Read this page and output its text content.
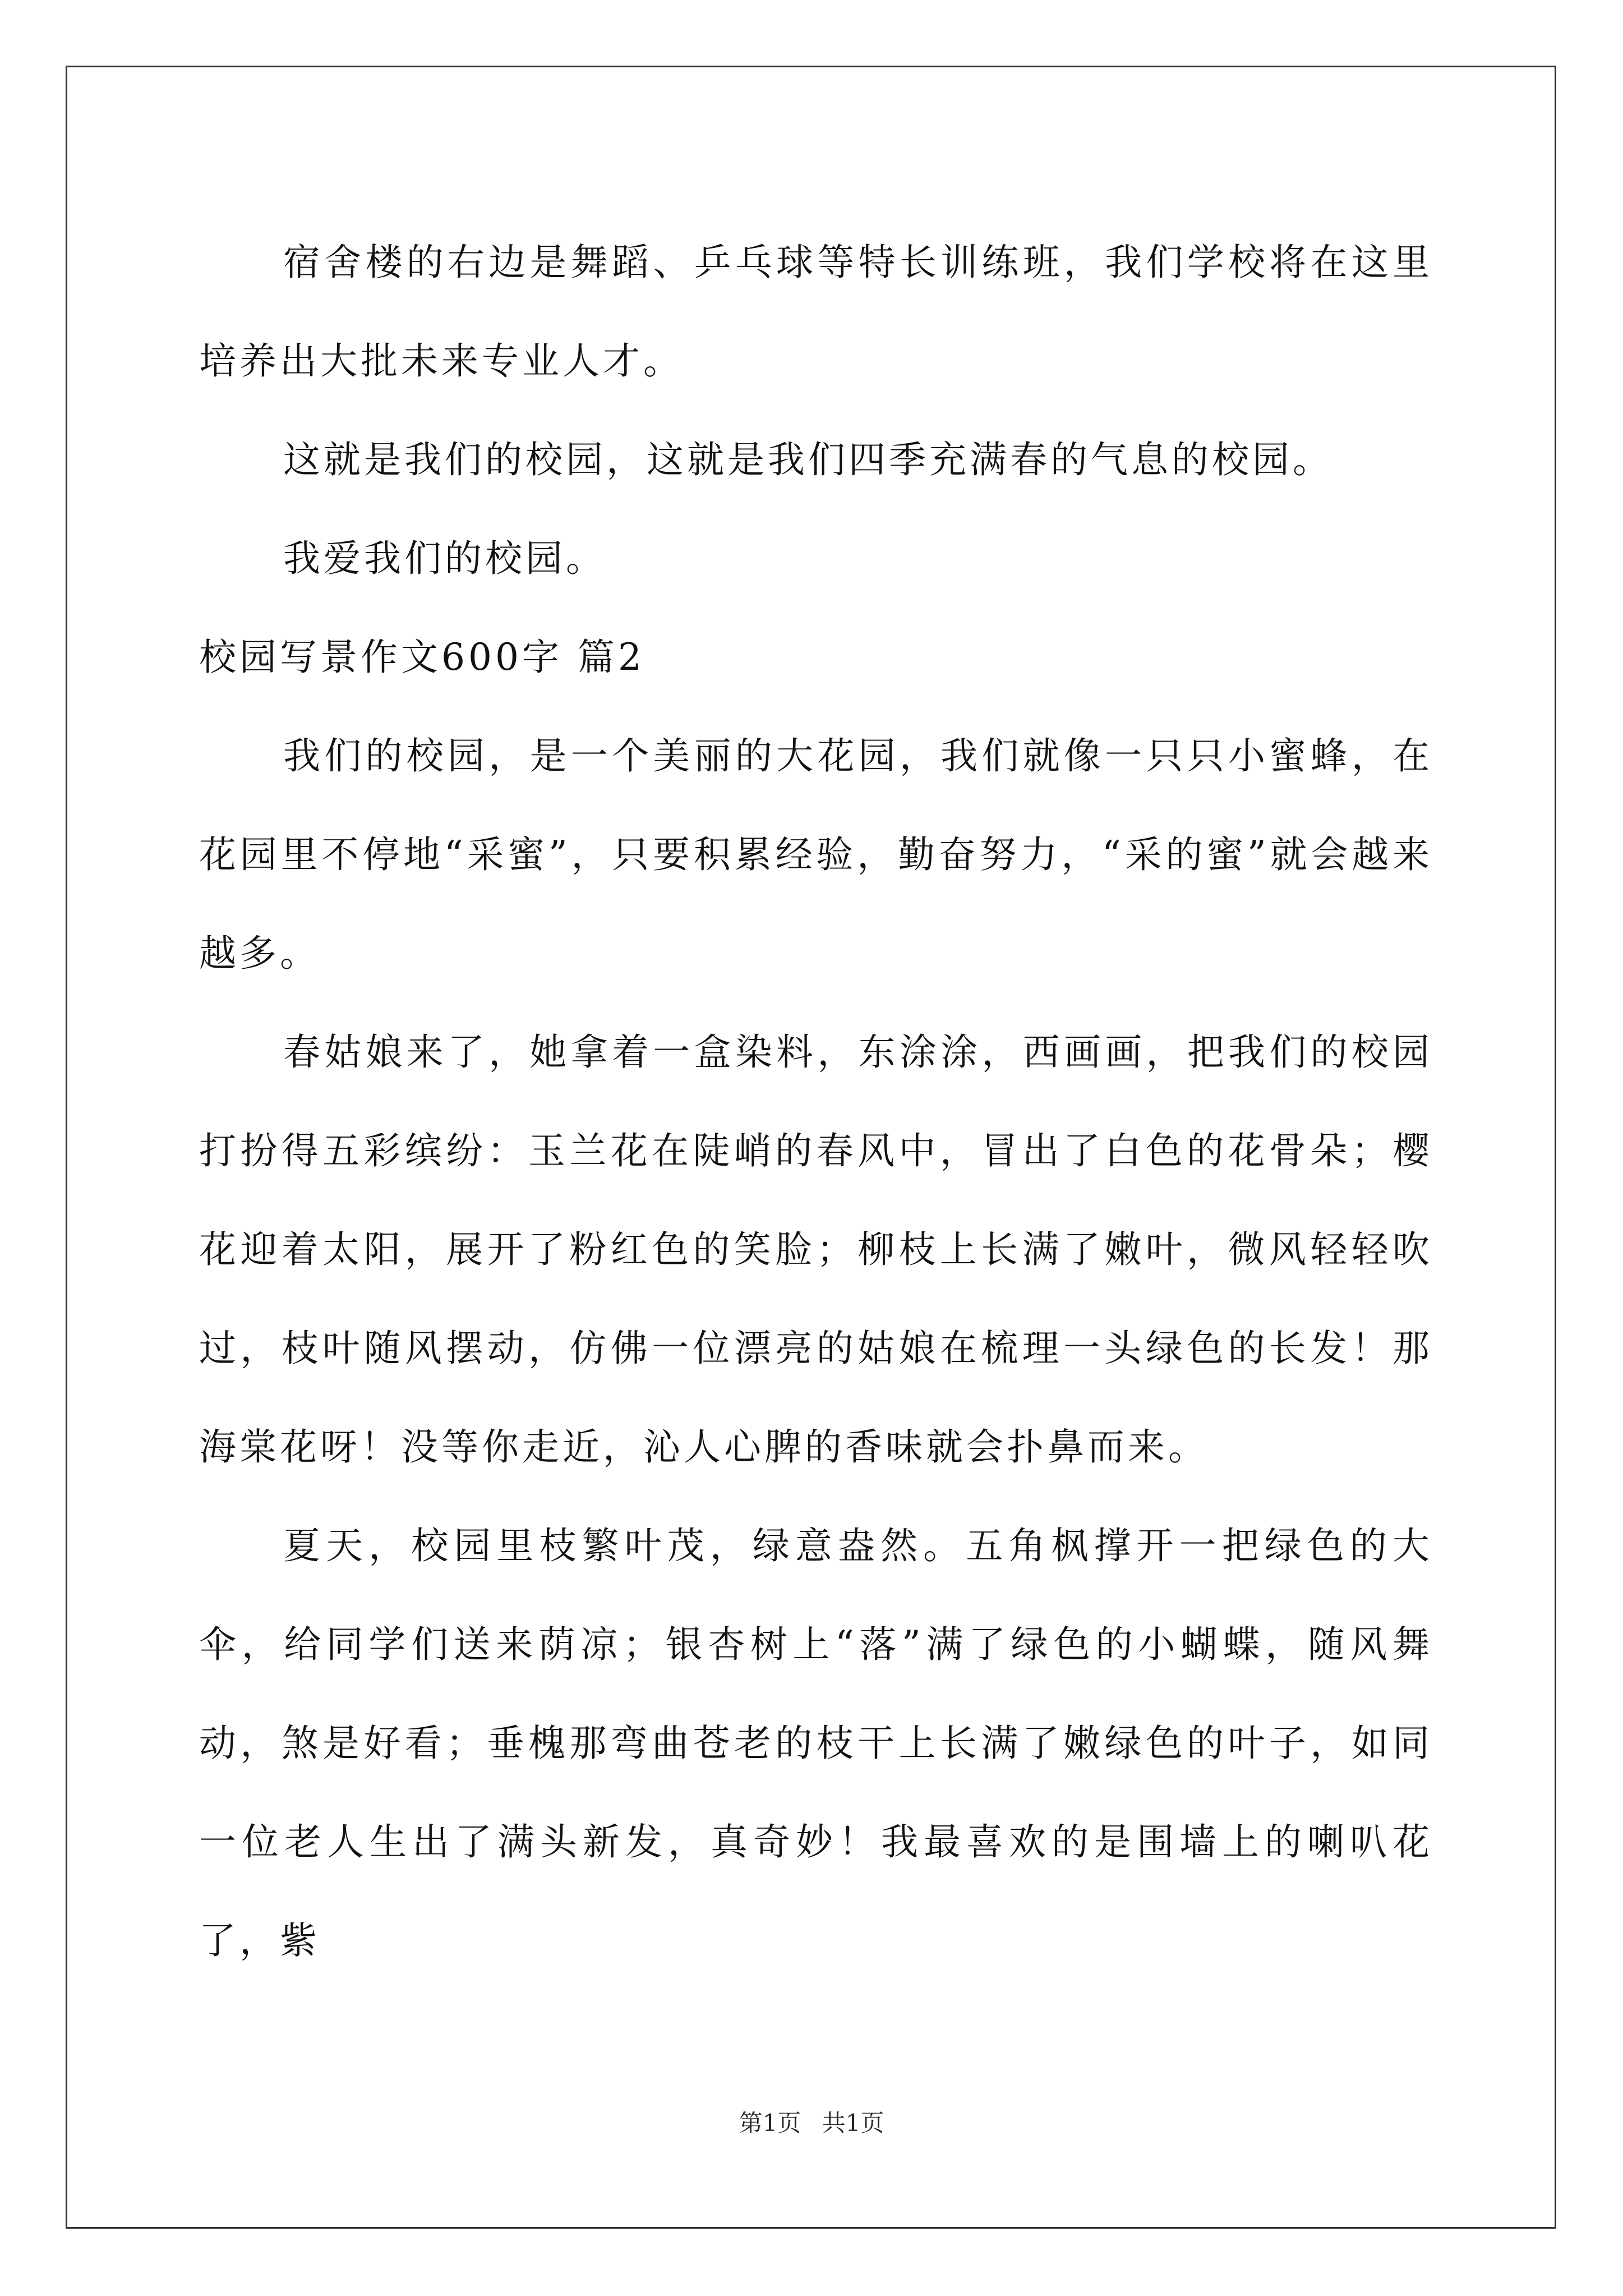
宿舍楼的右边是舞蹈、乒乓球等特长训练班，我们学校将在这里培养出大批未来专业人才。

这就是我们的校园，这就是我们四季充满春的气息的校园。

我爱我们的校园。

校园写景作文600字 篇2

我们的校园，是一个美丽的大花园，我们就像一只只小蜜蜂，在花园里不停地“采蜜”，只要积累经验，勤奋努力，“采的蜜”就会越来越多。

春姑娘来了，她拿着一盒染料，东涂涂，西画画，把我们的校园打扮得五彩缤纷：玉兰花在陡峭的春风中，冒出了白色的花骨朵；樱花迎着太阳，展开了粉红色的笑脸；柳枝上长满了嫩叶，微风轻轻吹过，枝叶随风摆动，仿佛一位漂亮的姑娘在梳理一头绿色的长发！那海棠花呀！没等你走近，沁人心脾的香味就会扑鼻而来。

夏天，校园里枝繁叶茂，绿意盎然。五角枫撑开一把绿色的大伞，给同学们送来荫凉；银杏树上“落”满了绿色的小蝴蝶，随风舞动，煞是好看；垂槐那弯曲苍老的枝干上长满了嫩绿色的叶子，如同一位老人生出了满头新发，真奇妙！我最喜欢的是围墙上的喇叭花了，紫

第1页 共1页
